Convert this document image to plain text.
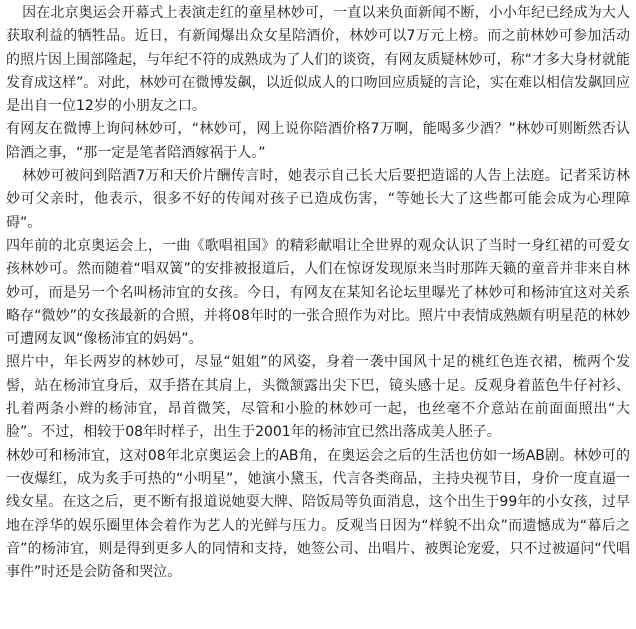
因在北京奥运会开幕式上表演走红的童星林妙可，一直以来负面新闻不断，小小年纪已经成为大人获取利益的牺牲品。近日，有新闻爆出众女星陪酒价，林妙可以7万元上榜。而之前林妙可参加活动的照片因上围部隆起，与年纪不符的成熟成为了人们的谈资，有网友质疑林妙可，称“才多大身材就能发育成这样”。对此，林妙可在微博发飙，以近似成人的口吻回应质疑的言论，实在难以相信发飙回应是出自一位12岁的小朋友之口。

有网友在微博上询问林妙可，“林妙可，网上说你陪酒价格7万啊，能喝多少酒？”林妙可则断然否认陪酒之事，“那一定是笔者陪酒嫁祸于人。”

林妙可被问到陪酒7万和天价片酬传言时，她表示自己长大后要把造谣的人告上法庭。记者采访林妙可父亲时，他表示，很多不好的传闻对孩子已造成伤害，“等她长大了这些都可能会成为心理障碍”。

四年前的北京奥运会上，一曲《歌唱祖国》的精彩献唱让全世界的观众认识了当时一身红裙的可爱女孩林妙可。然而随着“唱双簧”的安排被报道后，人们在惊讶发现原来当时那阵天籁的童音并非来自林妙可，而是另一个名叫杨沛宜的女孩。今日，有网友在某知名论坛里曝光了林妙可和杨沛宜这对关系略存“微妙”的女孩最新的合照，并将08年时的一张合照作为对比。照片中表情成熟颇有明星范的林妙可遭网友讽“像杨沛宜的妈妈”。

照片中，年长两岁的林妙可，尽显“姐姐”的风姿，身着一袭中国风十足的桃红色连衣裙，梳两个发髻，站在杨沛宜身后，双手搭在其肩上，头微颔露出尖下巴，镜头感十足。反观身着蓝色牛仔衬衫、扎着两条小辫的杨沛宜，昂首微笑，尽管和小脸的林妙可一起，也丝毫不介意站在前面面照出“大脸”。不过，相较于08年时样子，出生于2001年的杨沛宜已然出落成美人胚子。

林妙可和杨沛宜，这对08年北京奥运会上的AB角，在奥运会之后的生活也仿如一场AB剧。林妙可的一夜爆红，成为炙手可热的“小明星”，她演小黛玉，代言各类商品，主持央视节目，身价一度直逼一线女星。在这之后，更不断有报道说她耍大牌、陪饭局等负面消息，这个出生于99年的小女孩，过早地在浮华的娱乐圈里体会着作为艺人的光鲜与压力。反观当日因为“样貌不出众”而遗憾成为“幕后之音”的杨沛宜，则是得到更多人的同情和支持，她签公司、出唱片、被舆论宠爱，只不过被逼问“代唱事件”时还是会防备和哭泣。
